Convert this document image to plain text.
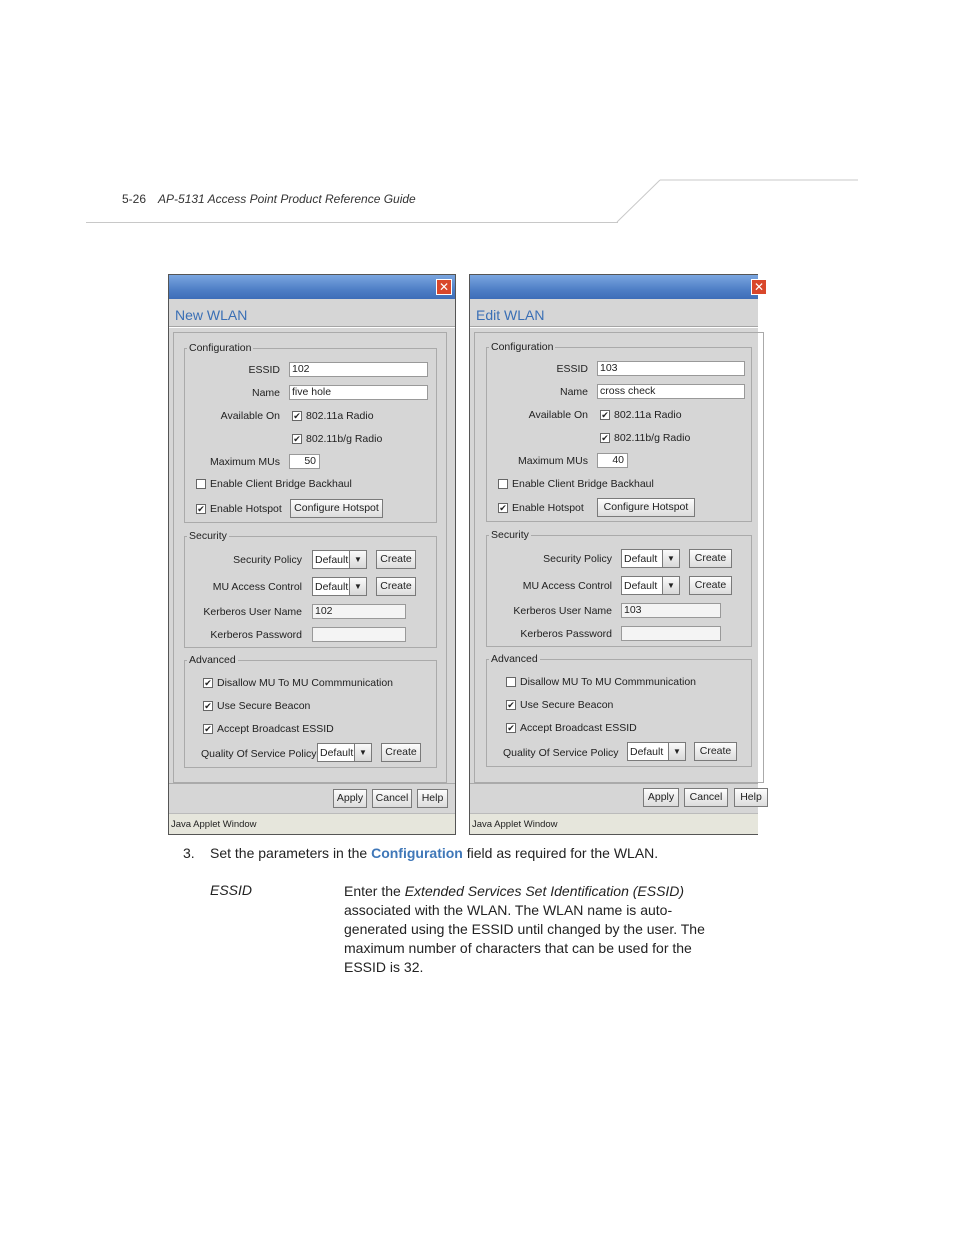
5-26 AP-5131 Access Point Product Reference Guide
✕
New WLAN
Configuration
ESSID 102
Name five hole
Available On ✔ 802.11a Radio
✔ 802.11b/g Radio
Maximum MUs	50
Enable Client Bridge Backhaul
✔ Enable Hotspot	Configure Hotspot
Security
Security Policy Default ▼	Create
MU Access Control Default ▼	Create
Kerberos User Name 102
Kerberos Password
Advanced
✔ Disallow MU To MU Commmunication
✔ Use Secure Beacon
✔ Accept Broadcast ESSID
Quality Of Service Policy Default ▼	Create
Apply	Cancel	Help
Java Applet Window
✕
Edit WLAN
Configuration
ESSID 103
Name cross check
Available On ✔ 802.11a Radio
✔ 802.11b/g Radio
Maximum MUs	40
Enable Client Bridge Backhaul
✔ Enable Hotspot	Configure Hotspot
Security
Security Policy Default	▼	Create
MU Access Control Default	▼	Create
Kerberos User Name 103
Kerberos Password
Advanced
Disallow MU To MU Commmunication
✔ Use Secure Beacon
✔ Accept Broadcast ESSID
Quality Of Service Policy Default	▼	Create
Apply	Cancel	Help
Java Applet Window
3. Set the parameters in the Configuration field as required for the WLAN.
ESSID	Enter the Extended Services Set Identification (ESSID) associated with the WLAN. The WLAN name is auto-generated using the ESSID until changed by the user. The maximum number of characters that can be used for the ESSID is 32.
